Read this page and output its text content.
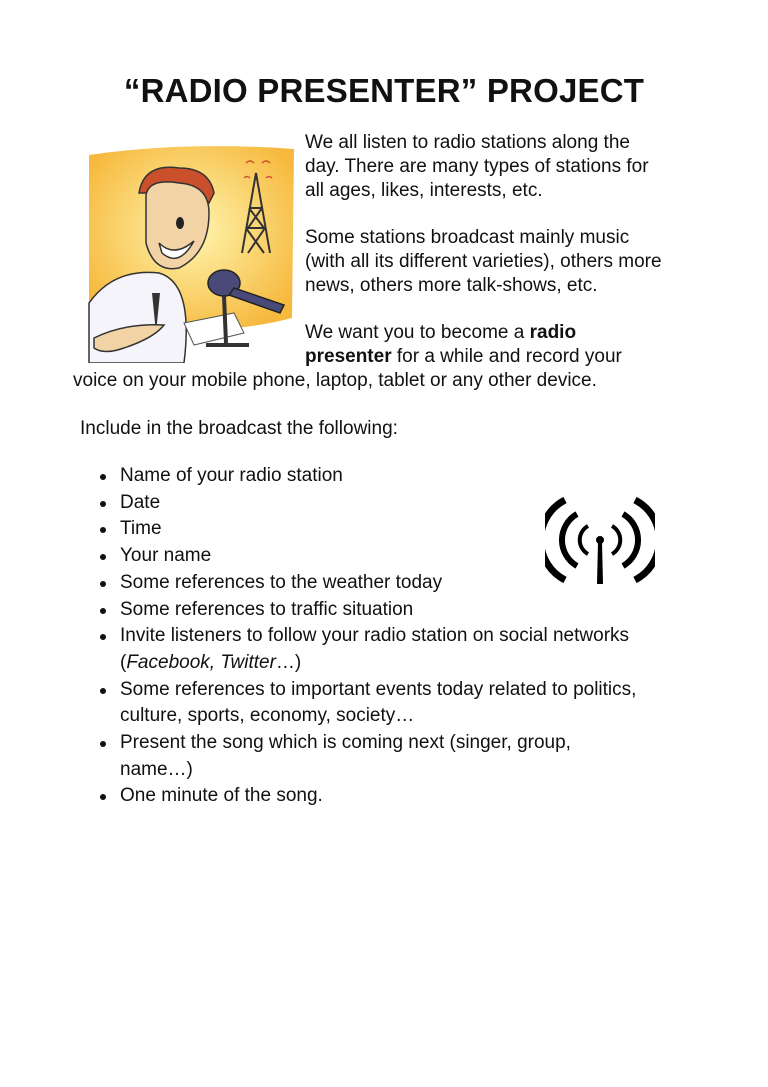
“RADIO PRESENTER” PROJECT
We all listen to radio stations along the
day. There are many types of stations for
all ages, likes, interests, etc.
Some stations broadcast mainly music
(with all its different varieties), others more
news, others more talk-shows, etc.
We want you to become a radio
presenter for a while and record your
voice on your mobile phone, laptop, tablet or any other device.
Include in the broadcast the following:
Name of your radio station
Date
Time
Your name
Some references to the weather today
Some references to traffic situation
Invite listeners to follow your radio station on social networks
(Facebook, Twitter…)
Some references to important events today related to politics,
culture, sports, economy, society…
Present the song which is coming next (singer, group,
name…)
One minute of the song.
